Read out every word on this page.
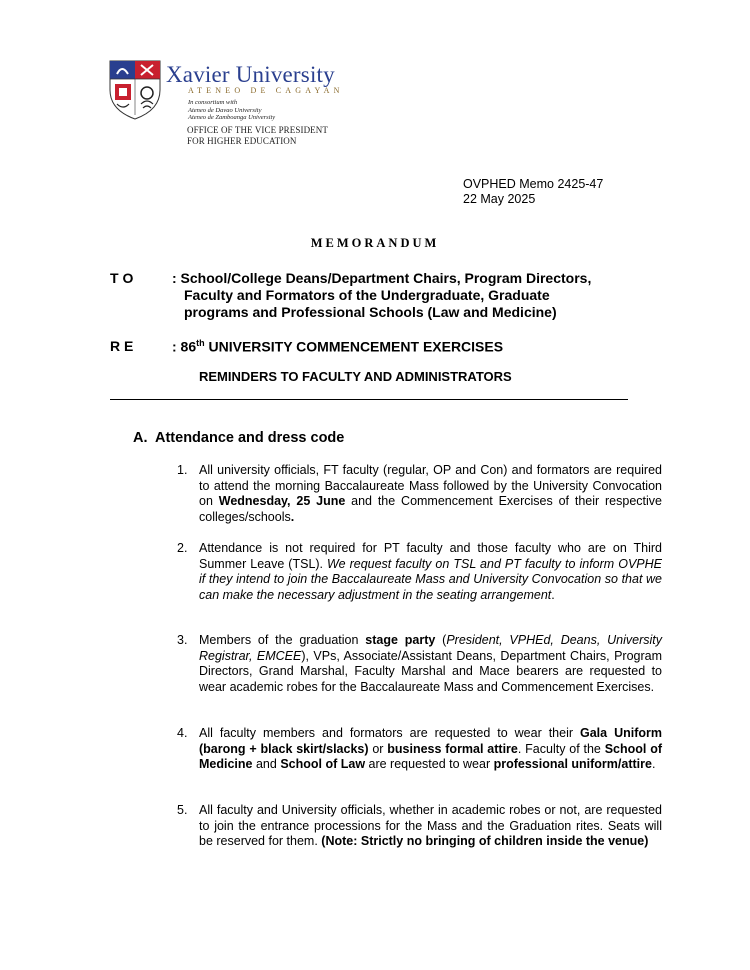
Xavier University
ATENEO DE CAGAYAN
In consortium with
Ateneo de Davao University
Ateneo de Zamboanga University
OFFICE OF THE VICE PRESIDENT
FOR HIGHER EDUCATION
OVPHED Memo 2425-47
22 May 2025
MEMORANDUM
T O	: School/College Deans/Department Chairs, Program Directors,
Faculty and Formators of the Undergraduate, Graduate
programs and Professional Schools (Law and Medicine)
R E	: 86th UNIVERSITY COMMENCEMENT EXERCISES
REMINDERS TO FACULTY AND ADMINISTRATORS
A. Attendance and dress code
1. All university officials, FT faculty (regular, OP and Con) and formators are required to attend the morning Baccalaureate Mass followed by the University Convocation on Wednesday, 25 June and the Commencement Exercises of their respective colleges/schools.
2. Attendance is not required for PT faculty and those faculty who are on Third Summer Leave (TSL). We request faculty on TSL and PT faculty to inform OVPHE if they intend to join the Baccalaureate Mass and University Convocation so that we can make the necessary adjustment in the seating arrangement.
3. Members of the graduation stage party (President, VPHEd, Deans, University Registrar, EMCEE), VPs, Associate/Assistant Deans, Department Chairs, Program Directors, Grand Marshal, Faculty Marshal and Mace bearers are requested to wear academic robes for the Baccalaureate Mass and Commencement Exercises.
4. All faculty members and formators are requested to wear their Gala Uniform (barong + black skirt/slacks) or business formal attire. Faculty of the School of Medicine and School of Law are requested to wear professional uniform/attire.
5. All faculty and University officials, whether in academic robes or not, are requested to join the entrance processions for the Mass and the Graduation rites. Seats will be reserved for them. (Note: Strictly no bringing of children inside the venue)
